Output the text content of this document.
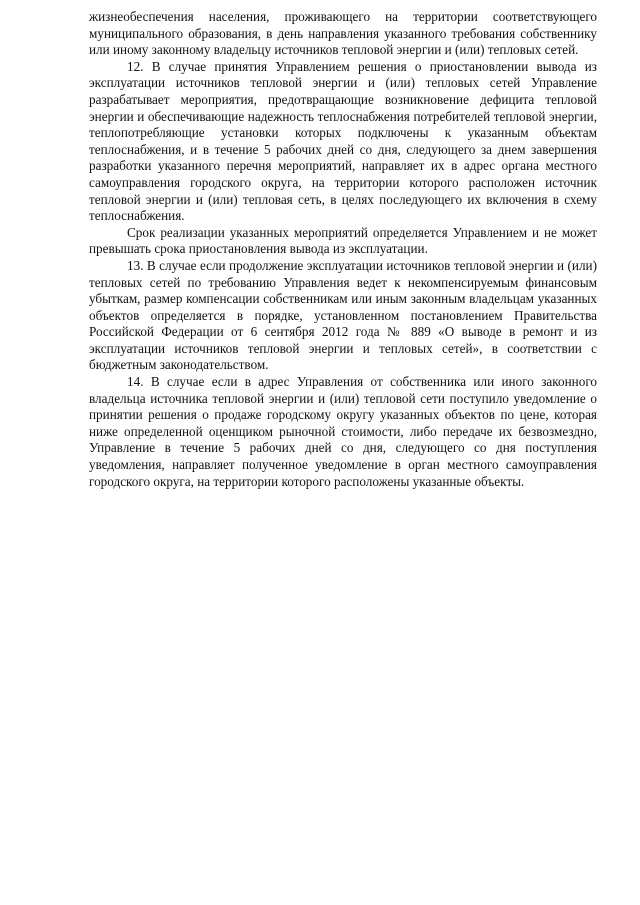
жизнеобеспечения населения, проживающего на территории соответствующего муниципального образования, в день направления указанного требования собственнику или иному законному владельцу источников тепловой энергии и (или) тепловых сетей.

12. В случае принятия Управлением решения о приостановлении вывода из эксплуатации источников тепловой энергии и (или) тепловых сетей Управление разрабатывает мероприятия, предотвращающие возникновение дефицита тепловой энергии и обеспечивающие надежность теплоснабжения потребителей тепловой энергии, теплопотребляющие установки которых подключены к указанным объектам теплоснабжения, и в течение 5 рабочих дней со дня, следующего за днем завершения разработки указанного перечня мероприятий, направляет их в адрес органа местного самоуправления городского округа, на территории которого расположен источник тепловой энергии и (или) тепловая сеть, в целях последующего их включения в схему теплоснабжения.

Срок реализации указанных мероприятий определяется Управлением и не может превышать срока приостановления вывода из эксплуатации.

13. В случае если продолжение эксплуатации источников тепловой энергии и (или) тепловых сетей по требованию Управления ведет к некомпенсируемым финансовым убыткам, размер компенсации собственникам или иным законным владельцам указанных объектов определяется в порядке, установленном постановлением Правительства Российской Федерации от 6 сентября 2012 года № 889 «О выводе в ремонт и из эксплуатации источников тепловой энергии и тепловых сетей», в соответствии с бюджетным законодательством.

14. В случае если в адрес Управления от собственника или иного законного владельца источника тепловой энергии и (или) тепловой сети поступило уведомление о принятии решения о продаже городскому округу указанных объектов по цене, которая ниже определенной оценщиком рыночной стоимости, либо передаче их безвозмездно, Управление в течение 5 рабочих дней со дня, следующего со дня поступления уведомления, направляет полученное уведомление в орган местного самоуправления городского округа, на территории которого расположены указанные объекты.
